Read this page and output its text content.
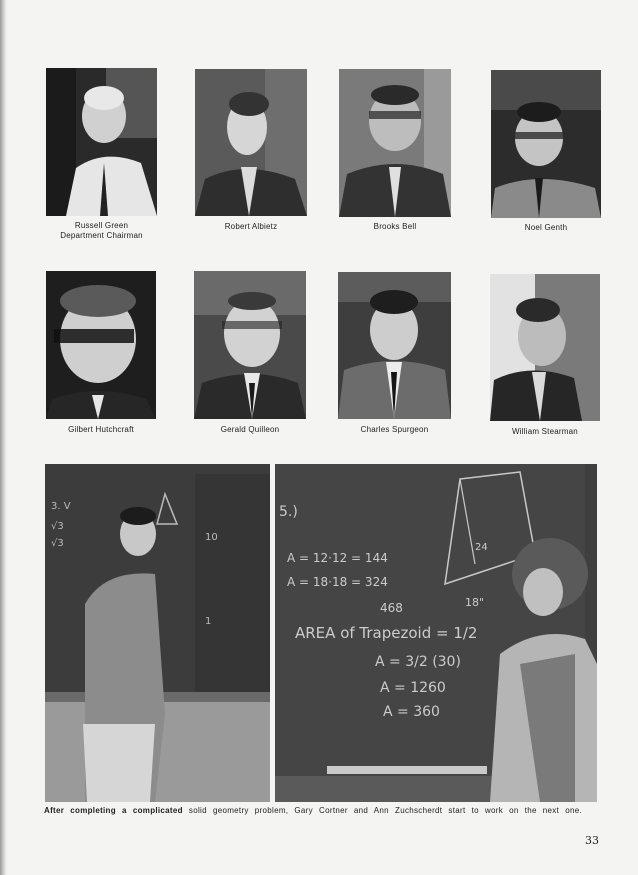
Russell Green
Department Chairman
Robert Albietz	Brooks Bell	Noel Genth
Gilbert Hutchcraft	Gerald Quilleon	Charles Spurgeon	William Stearman
3. V
√3
√3
10
1
5.)
A = 12·12 = 144
A = 18·18 = 324
468
AREA of Trapezoid = 1/2
A = 3/2 (30)
A = 1260
A = 360
18"
24
After completing a complicated solid geometry problem, Gary Cortner and Ann Zuchscherdt start to work on the next one.
33
